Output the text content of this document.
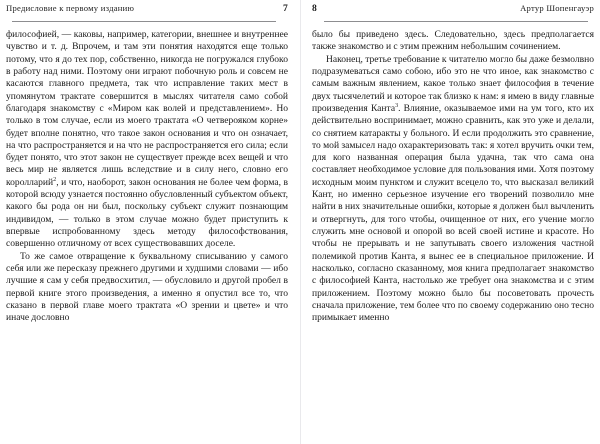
Предисловие к первому изданию	7

философией, — каковы, например, категории, внешнее и внутреннее чувство и т. д. Впрочем, и там эти понятия находятся еще только потому, что я до тех пор, собственно, никогда не погружался глубоко в работу над ними. Поэтому они играют побочную роль и совсем не касаются главного предмета, так что исправление таких мест в упомянутом трактате совершится в мыслях читателя само собой благодаря знакомству с «Миром как волей и представлением». Но только в том случае, если из моего трактата «О четверояком корне» будет вполне понятно, что такое закон основания и что он означает, на что распространяется и на что не распространяется его сила; если будет понято, что этот закон не существует прежде всех вещей и что весь мир не является лишь вследствие и в силу него, словно его королларий$^2$, и что, наоборот, закон основания не более чем форма, в которой всюду узнается постоянно обусловленный субъектом объект, какого бы рода он ни был, поскольку субъект служит познающим индивидом, — только в этом случае можно будет приступить к впервые испробованному здесь методу философствования, совершенно отличному от всех существовавших доселе.

То же самое отвращение к буквальному списыванию у самого себя или же пересказу прежнего другими и худшими словами — ибо лучшие я сам у себя предвосхитил, — обусловило и другой пробел в первой книге этого произведения, а именно я опустил все то, что сказано в первой главе моего трактата «О зрении и цвете» и что иначе дословно

8	Артур Шопенгауэр

было бы приведено здесь. Следовательно, здесь предполагается также знакомство и с этим прежним небольшим сочинением.

Наконец, третье требование к читателю могло бы даже безмолвно подразумеваться само собою, ибо это не что иное, как знакомство с самым важным явлением, какое только знает философия в течение двух тысячелетий и которое так близко к нам: я имею в виду главные произведения Канта$^3$. Влияние, оказываемое ими на ум того, кто их действительно воспринимает, можно сравнить, как это уже и делали, со снятием катаракты у больного. И если продолжить это сравнение, то мой замысел надо охарактеризовать так: я хотел вручить очки тем, для кого названная операция была удачна, так что сама она составляет необходимое условие для пользования ими. Хотя поэтому исходным моим пунктом и служит всецело то, что высказал великий Кант, но именно серьезное изучение его творений позволило мне найти в них значительные ошибки, которые я должен был вычленить и отвергнуть, для того чтобы, очищенное от них, его учение могло служить мне основой и опорой во всей своей истине и красоте. Но чтобы не прерывать и не запутывать своего изложения частной полемикой против Канта, я вынес ее в специальное приложение. И насколько, согласно сказанному, моя книга предполагает знакомство с философией Канта, настолько же требует она знакомства и с этим приложением. Поэтому можно было бы посоветовать прочесть сначала приложение, тем более что по своему содержанию оно тесно примыкает именно
